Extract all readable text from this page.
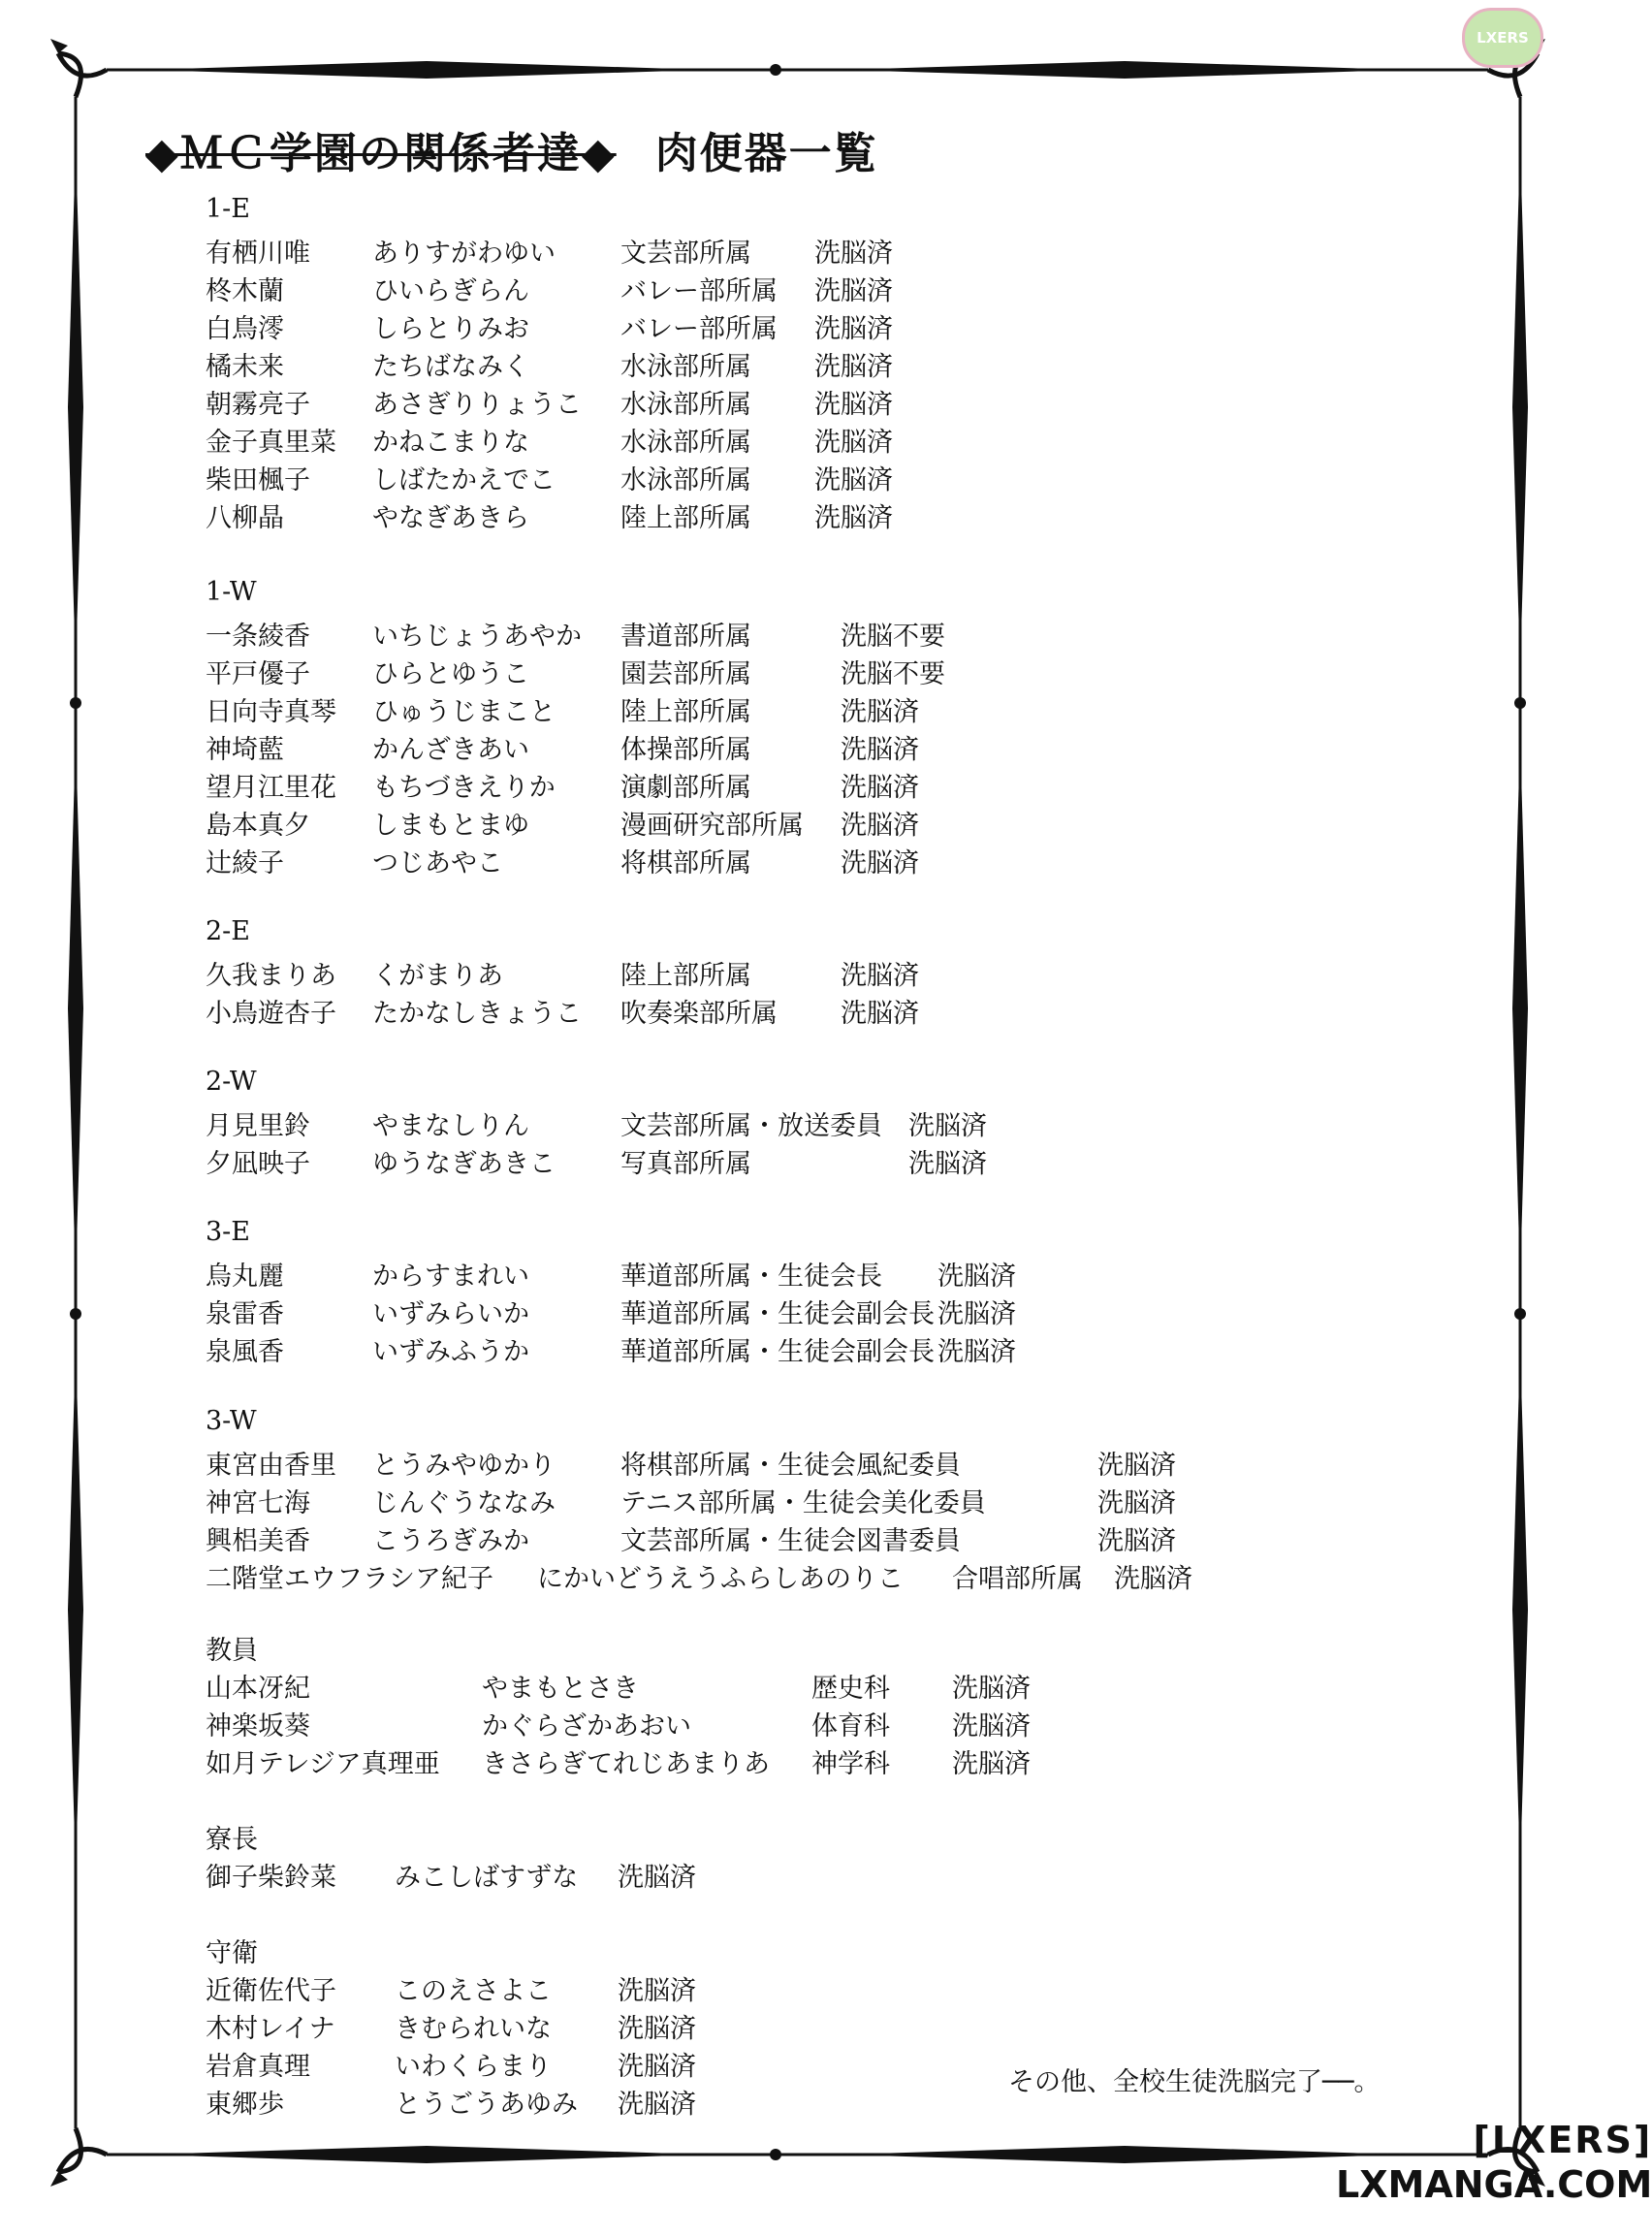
◆ＭＣ学園の関係者達◆ 肉便器一覧
1-E
有栖川唯 ありすがわゆい 文芸部所属 洗脳済
柊木蘭	ひいらぎらん	バレー部所属 洗脳済
白鳥澪	しらとりみお	バレー部所属 洗脳済
橘未来	たちばなみく	水泳部所属 洗脳済
朝霧亮子 あさぎりりょうこ 水泳部所属 洗脳済
金子真里菜 かねこまりな	水泳部所属 洗脳済
柴田楓子 しばたかえでこ 水泳部所属 洗脳済
八柳晶	やなぎあきら	陸上部所属 洗脳済
1-W
一条綾香 いちじょうあやか 書道部所属	洗脳不要
平戸優子 ひらとゆうこ	園芸部所属	洗脳不要
日向寺真琴 ひゅうじまこと 陸上部所属	洗脳済
神埼藍	かんざきあい	体操部所属	洗脳済
望月江里花 もちづきえりか 演劇部所属	洗脳済
島本真夕 しまもとまゆ	漫画研究部所属 洗脳済
辻綾子	つじあやこ	将棋部所属	洗脳済
2-E
久我まりあ くがまりあ	陸上部所属	洗脳済
小鳥遊杏子 たかなしきょうこ 吹奏楽部所属 洗脳済
2-W
月見里鈴 やまなしりん	文芸部所属・放送委員 洗脳済
夕凪映子 ゆうなぎあきこ 写真部所属	洗脳済
3-E
烏丸麗	からすまれい	華道部所属・生徒会長 洗脳済
泉雷香	いずみらいか	華道部所属・生徒会副会長 洗脳済
泉風香	いずみふうか	華道部所属・生徒会副会長 洗脳済
3-W
東宮由香里 とうみやゆかり 将棋部所属・生徒会風紀委員	洗脳済
神宮七海 じんぐうななみ テニス部所属・生徒会美化委員	洗脳済
興梠美香 こうろぎみか	文芸部所属・生徒会図書委員	洗脳済
二階堂エウフラシア紀子 にかいどうえうふらしあのりこ 合唱部所属 洗脳済
教員
山本冴紀	やまもとさき	歴史科 洗脳済
神楽坂葵	かぐらざかあおい	体育科 洗脳済
如月テレジア真理亜 きさらぎてれじあまりあ 神学科 洗脳済
寮長
御子柴鈴菜 みこしばすずな 洗脳済
守衛
近衛佐代子 このえさよこ	洗脳済
木村レイナ きむられいな	洗脳済
岩倉真理	いわくらまり	洗脳済
東郷歩	とうごうあゆみ 洗脳済
その他、全校生徒洗脳完了──。
LXERS
[LXERS]
LXMANGA.COM
